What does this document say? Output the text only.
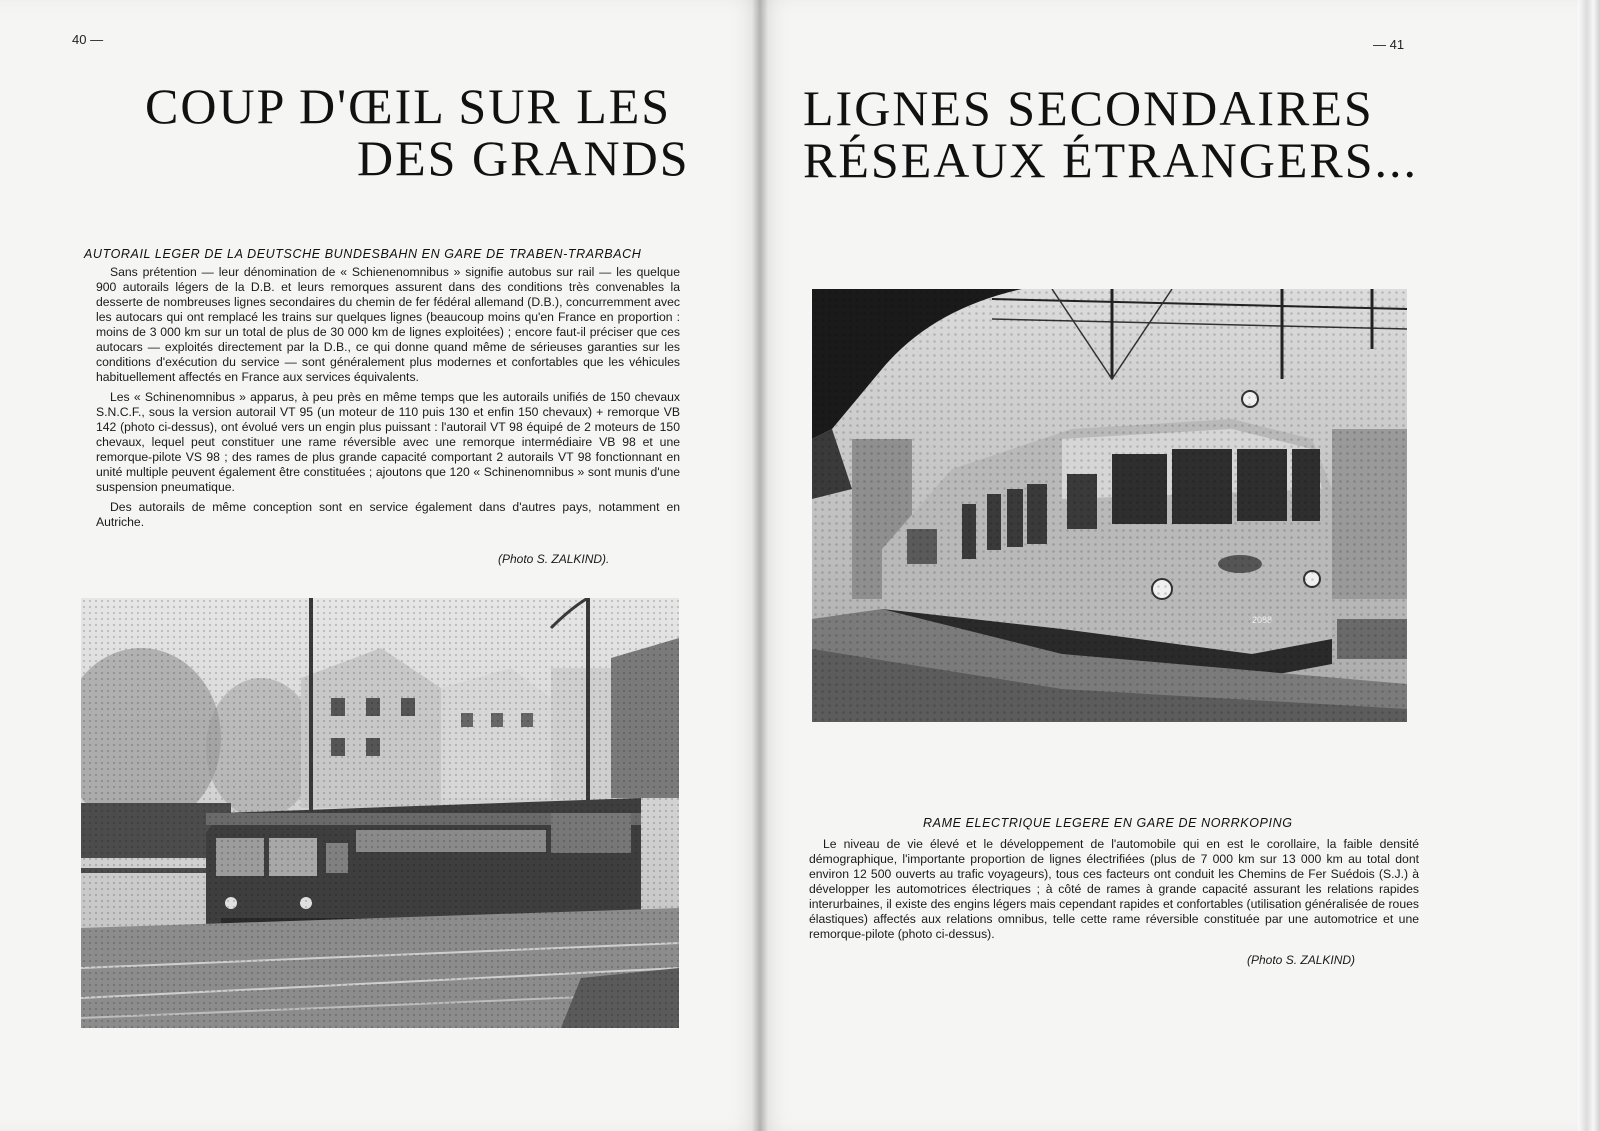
40 —
COUP D'ŒIL SUR LES
DES GRANDS
AUTORAIL LEGER DE LA DEUTSCHE BUNDESBAHN EN GARE DE TRABEN-TRARBACH

Sans prétention — leur dénomination de « Schienenomnibus » signifie autobus sur rail — les quelque 900 autorails légers de la D.B. et leurs remorques assurent dans des conditions très convenables la desserte de nombreuses lignes secondaires du chemin de fer fédéral allemand (D.B.), concurremment avec les autocars qui ont remplacé les trains sur quelques lignes (beaucoup moins qu'en France en proportion : moins de 3 000 km sur un total de plus de 30 000 km de lignes exploitées) ; encore faut-il préciser que ces autocars — exploités directement par la D.B., ce qui donne quand même de sérieuses garanties sur les conditions d'exécution du service — sont généralement plus modernes et confortables que les véhicules habituellement affectés en France aux services équivalents.

Les « Schinenomnibus » apparus, à peu près en même temps que les autorails unifiés de 150 chevaux S.N.C.F., sous la version autorail VT 95 (un moteur de 110 puis 130 et enfin 150 chevaux) + remorque VB 142 (photo ci-dessus), ont évolué vers un engin plus puissant : l'autorail VT 98 équipé de 2 moteurs de 150 chevaux, lequel peut constituer une rame réversible avec une remorque intermédiaire VB 98 et une remorque-pilote VS 98 ; des rames de plus grande capacité comportant 2 autorails VT 98 fonctionnant en unité multiple peuvent également être constituées ; ajoutons que 120 « Schinenomnibus » sont munis d'une suspension pneumatique.

Des autorails de même conception sont en service également dans d'autres pays, notamment en Autriche.

(Photo S. ZALKIND).
— 41
LIGNES SECONDAIRES
RÉSEAUX ÉTRANGERS...
RAME ELECTRIQUE LEGERE EN GARE DE NORRKOPING

Le niveau de vie élevé et le développement de l'automobile qui en est le corollaire, la faible densité démographique, l'importante proportion de lignes électrifiées (plus de 7 000 km sur 13 000 km au total dont environ 12 500 ouverts au trafic voyageurs), tous ces facteurs ont conduit les Chemins de Fer Suédois (S.J.) à développer les automotrices électriques ; à côté de rames à grande capacité assurant les relations rapides interurbaines, il existe des engins légers mais cependant rapides et confortables (utilisation généralisée de roues élastiques) affectés aux relations omnibus, telle cette rame réversible constituée par une automotrice et une remorque-pilote (photo ci-dessus).

(Photo S. ZALKIND)
